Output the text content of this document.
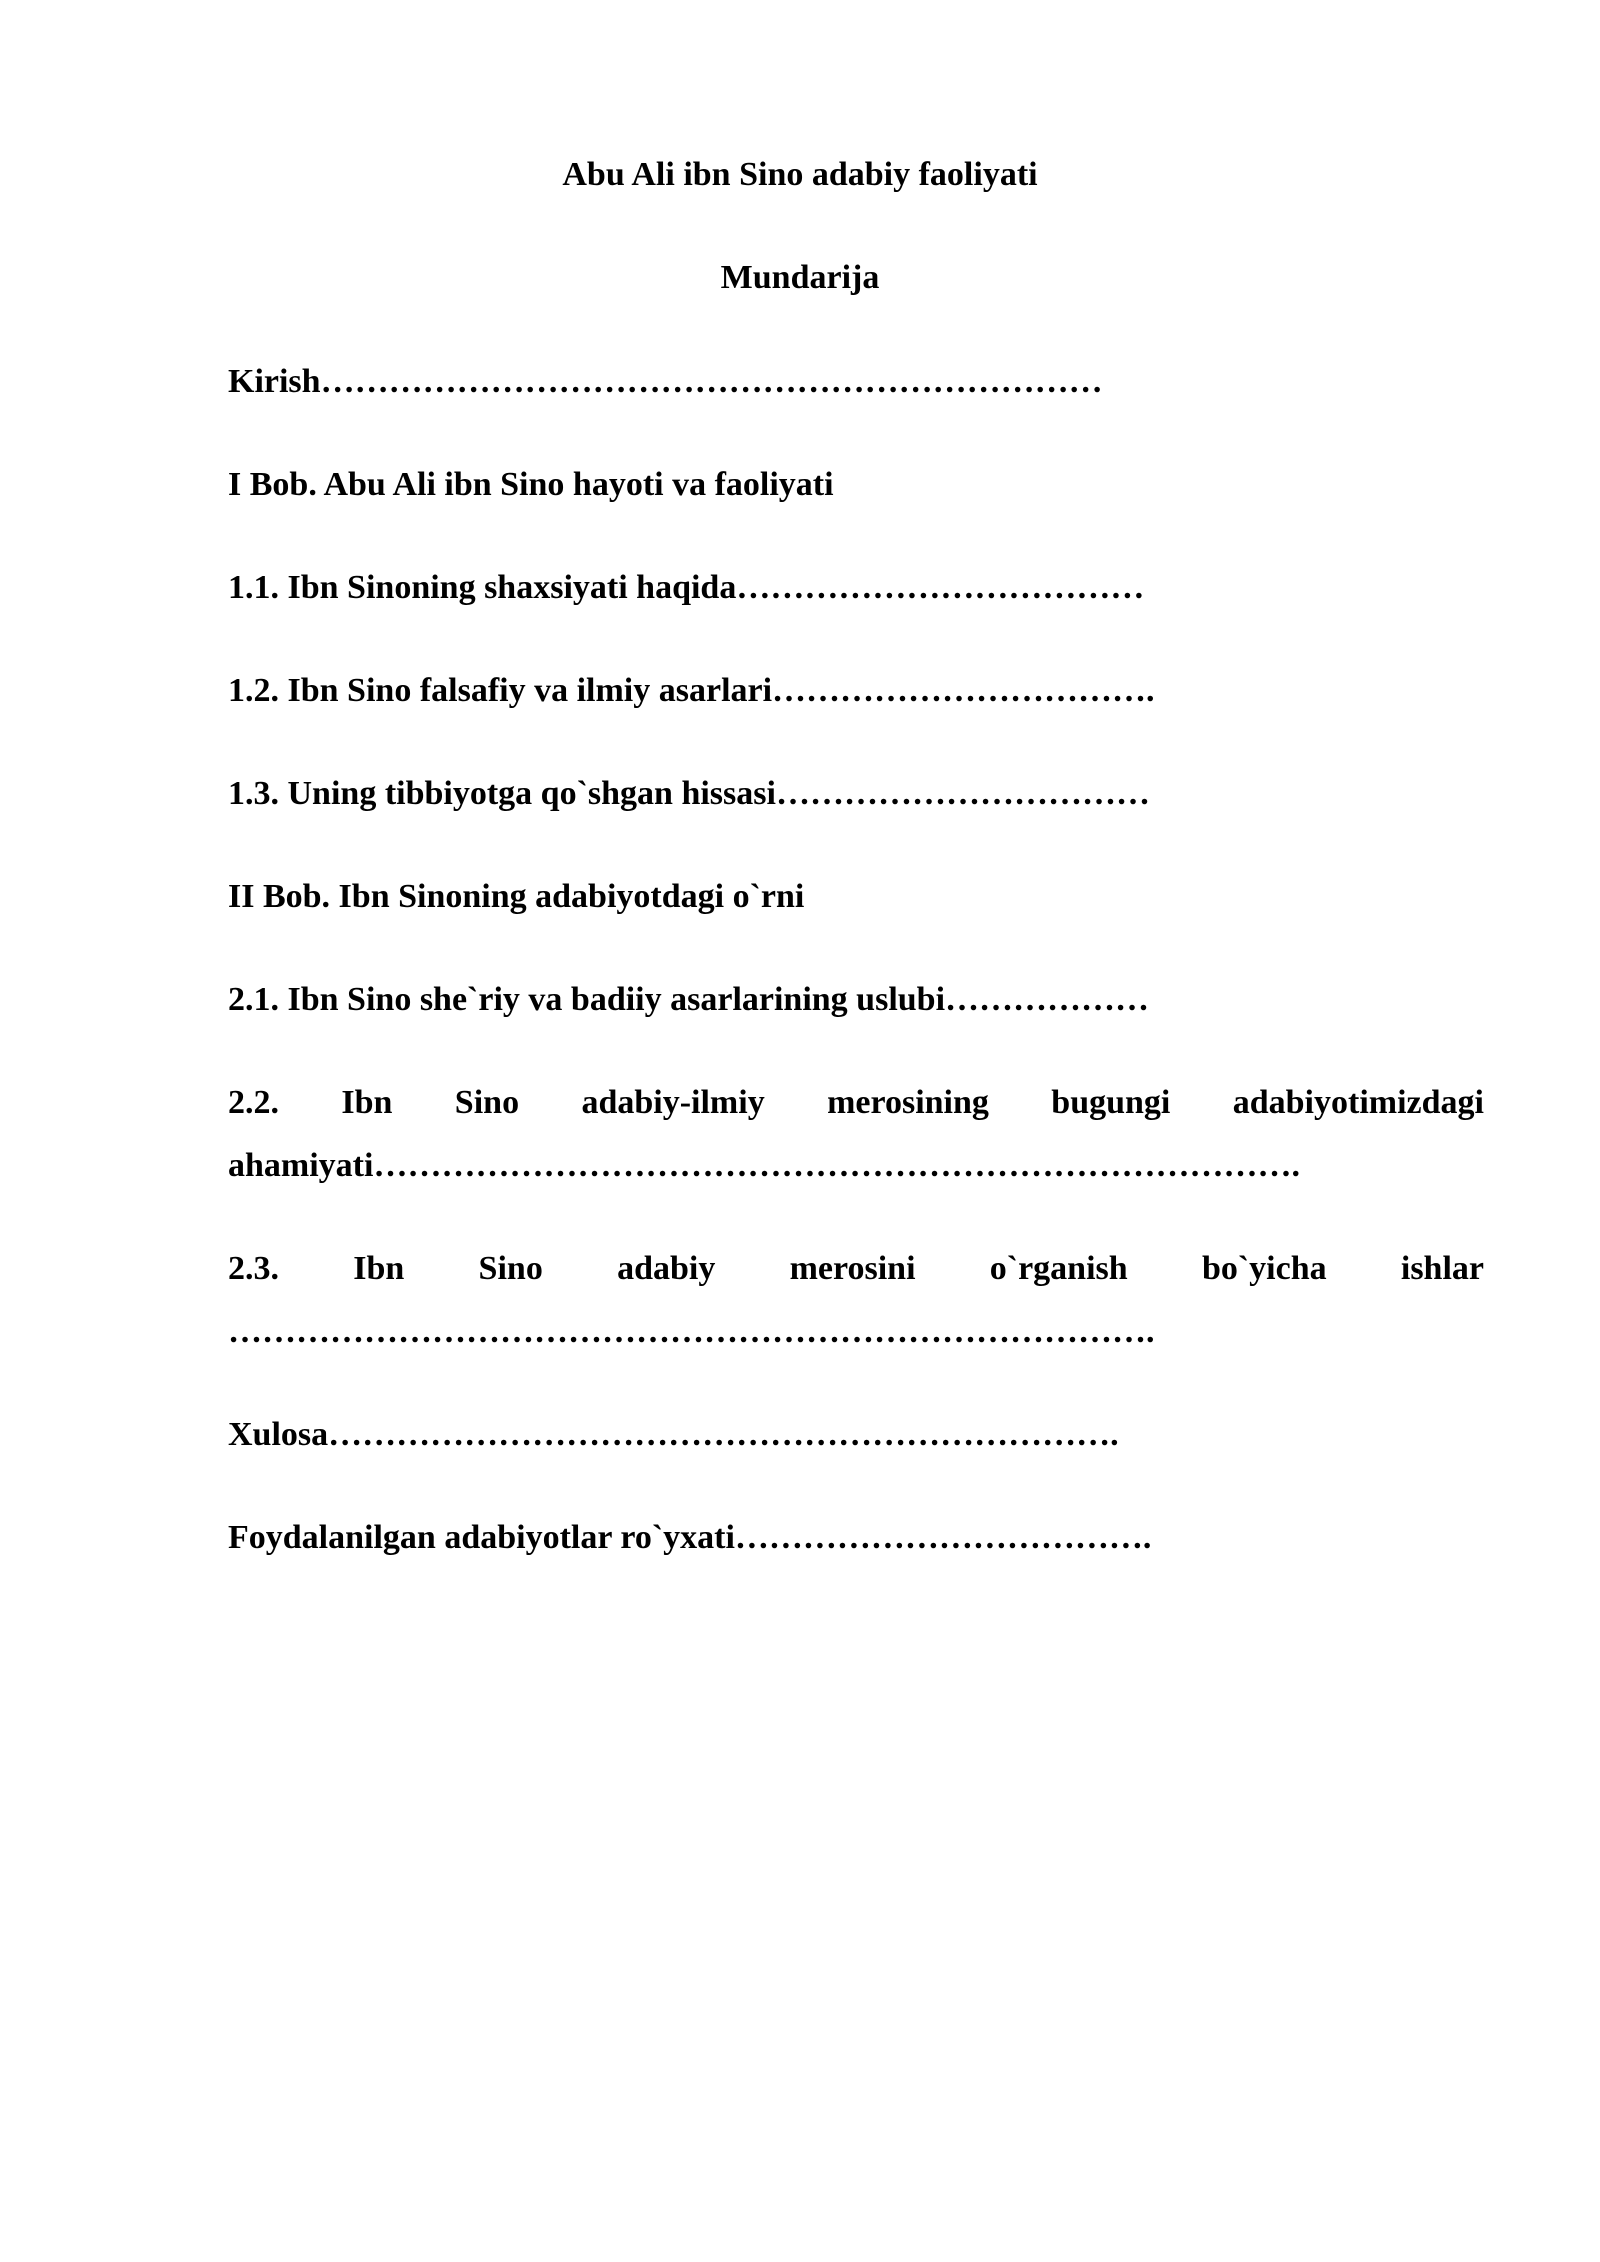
Abu Ali ibn Sino adabiy faoliyati
Mundarija
Kirish……………………………………………………………
I Bob. Abu Ali ibn Sino hayoti va faoliyati
1.1. Ibn Sinoning shaxsiyati haqida………………………………
1.2. Ibn Sino falsafiy va ilmiy asarlari…………………………….
1.3. Uning tibbiyotga qo`shgan hissasi……………………………
II Bob. Ibn Sinoning adabiyotdagi o`rni
2.1. Ibn Sino she`riy va badiiy asarlarining uslubi………………
2.2. Ibn Sino adabiy-ilmiy merosining bugungi adabiyotimizdagi ahamiyati……………………………………………………………………….
2.3. Ibn Sino adabiy merosini o`rganish bo`yicha ishlar ……………………………………………………………………….
Xulosa…………………………………………………………….
Foydalanilgan adabiyotlar ro`yxati……………………………….
